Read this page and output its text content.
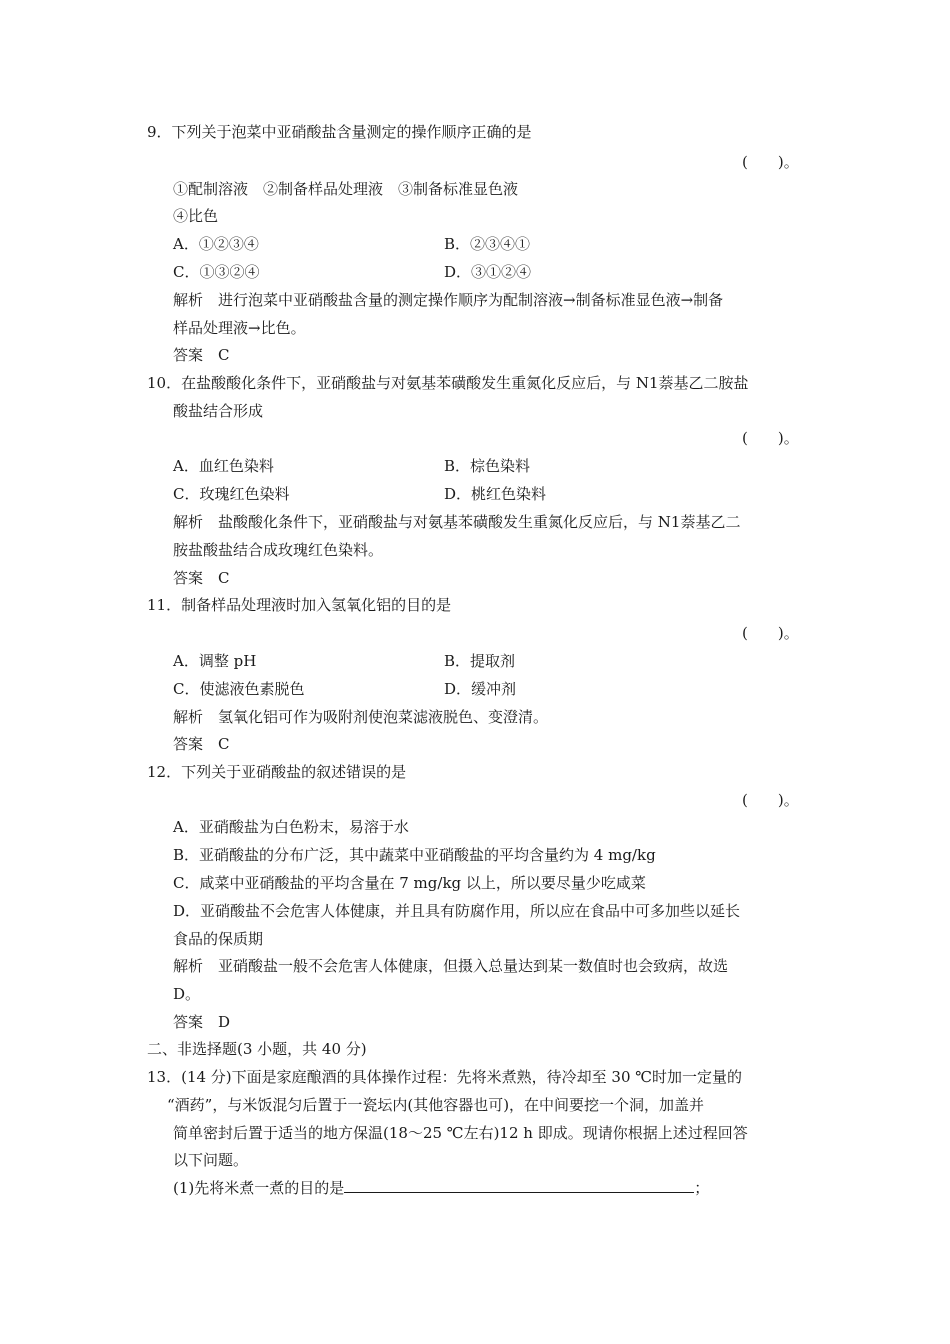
9．下列关于泡菜中亚硝酸盐含量测定的操作顺序正确的是
(　　)。
①配制溶液　②制备样品处理液　③制备标准显色液
④比色
A．①②③④	B．②③④①
C．①③②④	D．③①②④
解析　进行泡菜中亚硝酸盐含量的测定操作顺序为配制溶液→制备标准显色液→制备
样品处理液→比色。
答案　C
10．在盐酸酸化条件下，亚硝酸盐与对氨基苯磺酸发生重氮化反应后，与 N1萘基乙二胺盐
酸盐结合形成
(　　)。
A．血红色染料	B．棕色染料
C．玫瑰红色染料	D．桃红色染料
解析　盐酸酸化条件下，亚硝酸盐与对氨基苯磺酸发生重氮化反应后，与 N1萘基乙二
胺盐酸盐结合成玫瑰红色染料。
答案　C
11．制备样品处理液时加入氢氧化铝的目的是
(　　)。
A．调整 pH	B．提取剂
C．使滤液色素脱色	D．缓冲剂
解析　氢氧化铝可作为吸附剂使泡菜滤液脱色、变澄清。
答案　C
12．下列关于亚硝酸盐的叙述错误的是
(　　)。
A．亚硝酸盐为白色粉末，易溶于水
B．亚硝酸盐的分布广泛，其中蔬菜中亚硝酸盐的平均含量约为 4 mg/kg
C．咸菜中亚硝酸盐的平均含量在 7 mg/kg 以上，所以要尽量少吃咸菜
D．亚硝酸盐不会危害人体健康，并且具有防腐作用，所以应在食品中可多加些以延长
食品的保质期
解析　亚硝酸盐一般不会危害人体健康，但摄入总量达到某一数值时也会致病，故选
D。
答案　D
二、非选择题(3 小题，共 40 分)
13．(14 分)下面是家庭酿酒的具体操作过程：先将米煮熟，待冷却至 30 ℃时加一定量的
“酒药”，与米饭混匀后置于一瓷坛内(其他容器也可)，在中间要挖一个洞，加盖并
简单密封后置于适当的地方保温(18～25 ℃左右)12 h 即成。现请你根据上述过程回答
以下问题。
(1)先将米煮一煮的目的是	；
